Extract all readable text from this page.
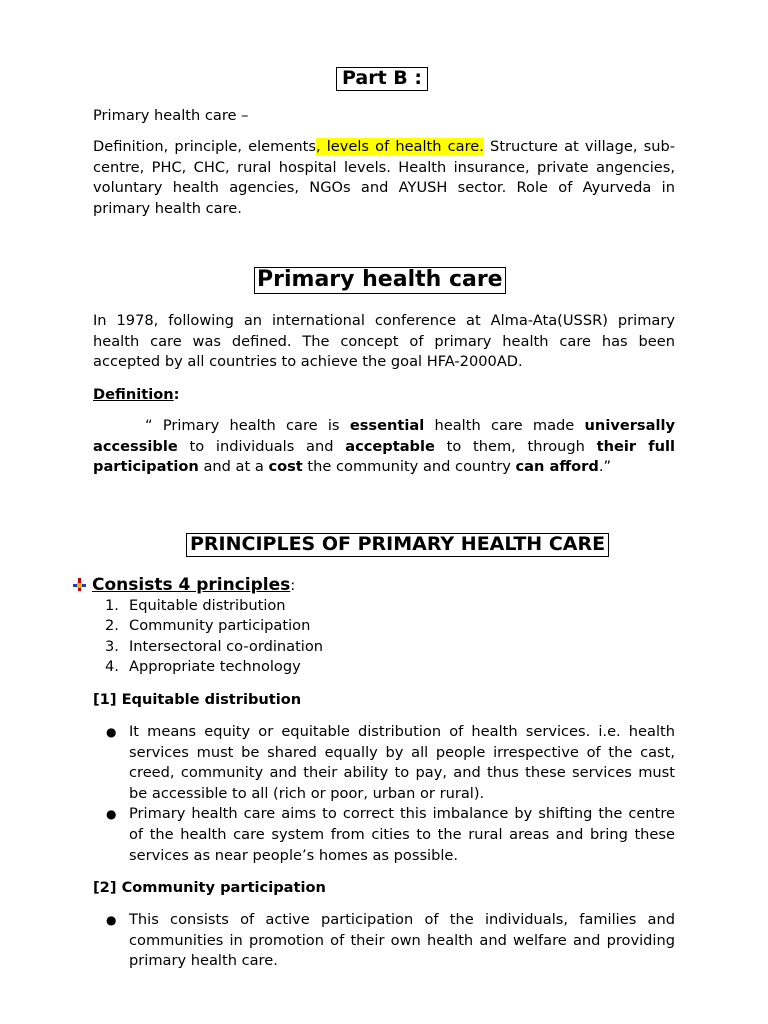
Part B :

Primary health care –

Definition, principle, elements, levels of health care. Structure at village, sub-centre, PHC, CHC, rural hospital levels. Health insurance, private angencies, voluntary health agencies, NGOs and AYUSH sector. Role of Ayurveda in primary health care.

Primary health care

In 1978, following an international conference at Alma-Ata(USSR) primary health care was defined. The concept of primary health care has been accepted by all countries to achieve the goal HFA-2000AD.

Definition:

“ Primary health care is essential health care made universally accessible to individuals and acceptable to them, through their full participation and at a cost the community and country can afford.”

PRINCIPLES OF PRIMARY HEALTH CARE
Consists 4 principles:
1. Equitable distribution
2. Community participation
3. Intersectoral co-ordination
4. Appropriate technology
[1] Equitable distribution
● It means equity or equitable distribution of health services. i.e. health services must be shared equally by all people irrespective of the cast, creed, community and their ability to pay, and thus these services must be accessible to all (rich or poor, urban or rural).
● Primary health care aims to correct this imbalance by shifting the centre of the health care system from cities to the rural areas and bring these services as near people’s homes as possible.
[2] Community participation
● This consists of active participation of the individuals, families and communities in promotion of their own health and welfare and providing primary health care.
